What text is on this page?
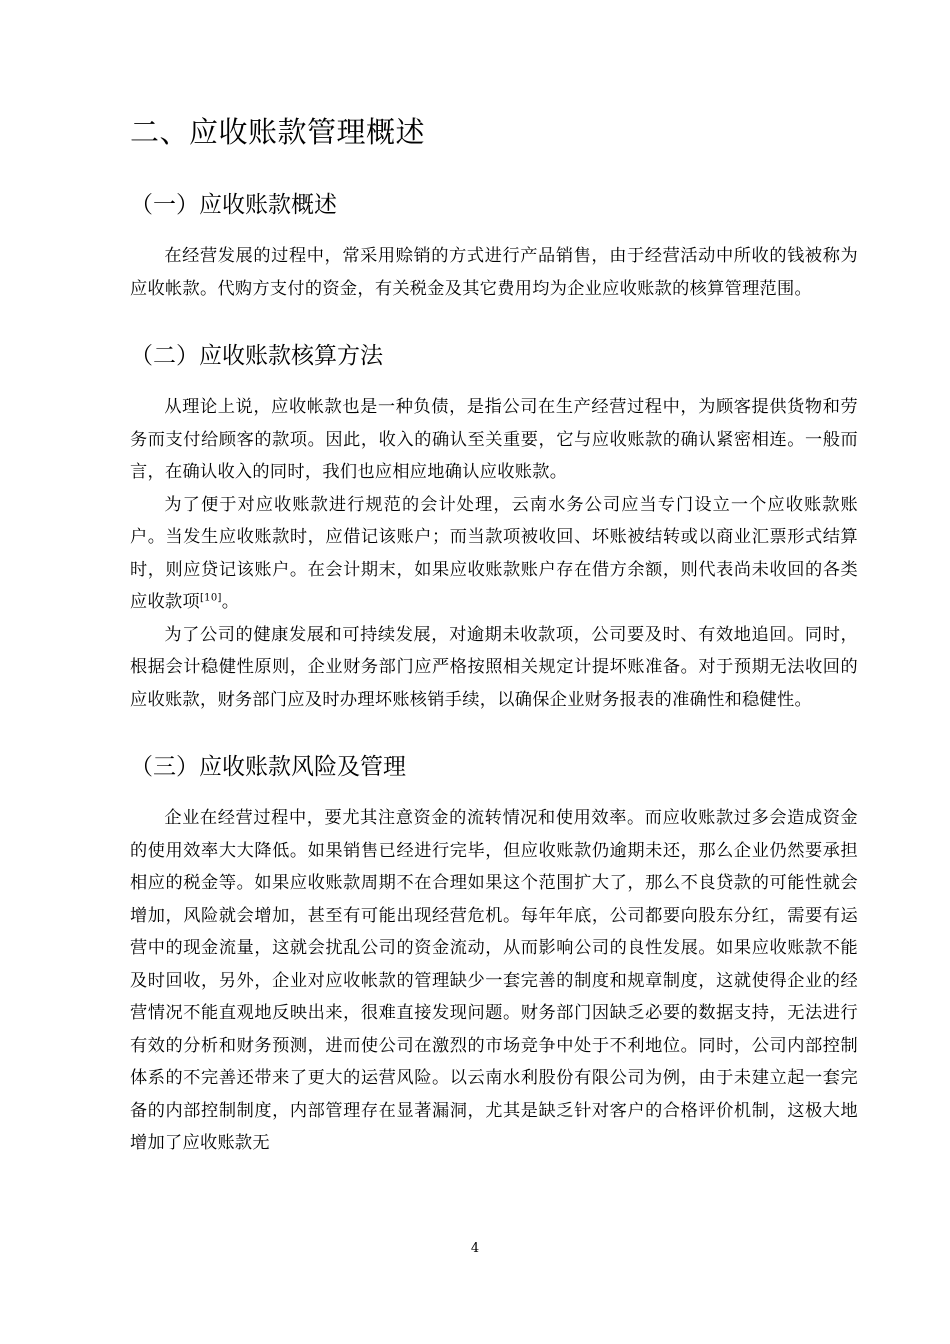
二、应收账款管理概述
（一）应收账款概述

在经营发展的过程中，常采用赊销的方式进行产品销售，由于经营活动中所收的钱被称为应收帐款。代购方支付的资金，有关税金及其它费用均为企业应收账款的核算管理范围。

（二）应收账款核算方法

从理论上说，应收帐款也是一种负债，是指公司在生产经营过程中，为顾客提供货物和劳务而支付给顾客的款项。因此，收入的确认至关重要，它与应收账款的确认紧密相连。一般而言，在确认收入的同时，我们也应相应地确认应收账款。

为了便于对应收账款进行规范的会计处理，云南水务公司应当专门设立一个应收账款账户。当发生应收账款时，应借记该账户；而当款项被收回、坏账被结转或以商业汇票形式结算时，则应贷记该账户。在会计期末，如果应收账款账户存在借方余额，则代表尚未收回的各类应收款项[10]。

为了公司的健康发展和可持续发展，对逾期未收款项，公司要及时、有效地追回。同时，根据会计稳健性原则，企业财务部门应严格按照相关规定计提坏账准备。对于预期无法收回的应收账款，财务部门应及时办理坏账核销手续，以确保企业财务报表的准确性和稳健性。

（三）应收账款风险及管理

企业在经营过程中，要尤其注意资金的流转情况和使用效率。而应收账款过多会造成资金的使用效率大大降低。如果销售已经进行完毕，但应收账款仍逾期未还，那么企业仍然要承担相应的税金等。如果应收账款周期不在合理如果这个范围扩大了，那么不良贷款的可能性就会增加，风险就会增加，甚至有可能出现经营危机。每年年底，公司都要向股东分红，需要有运营中的现金流量，这就会扰乱公司的资金流动，从而影响公司的良性发展。如果应收账款不能及时回收，另外，企业对应收帐款的管理缺少一套完善的制度和规章制度，这就使得企业的经营情况不能直观地反映出来，很难直接发现问题。财务部门因缺乏必要的数据支持，无法进行有效的分析和财务预测，进而使公司在激烈的市场竞争中处于不利地位。同时，公司内部控制体系的不完善还带来了更大的运营风险。以云南水利股份有限公司为例，由于未建立起一套完备的内部控制制度，内部管理存在显著漏洞，尤其是缺乏针对客户的合格评价机制，这极大地增加了应收账款无

4
